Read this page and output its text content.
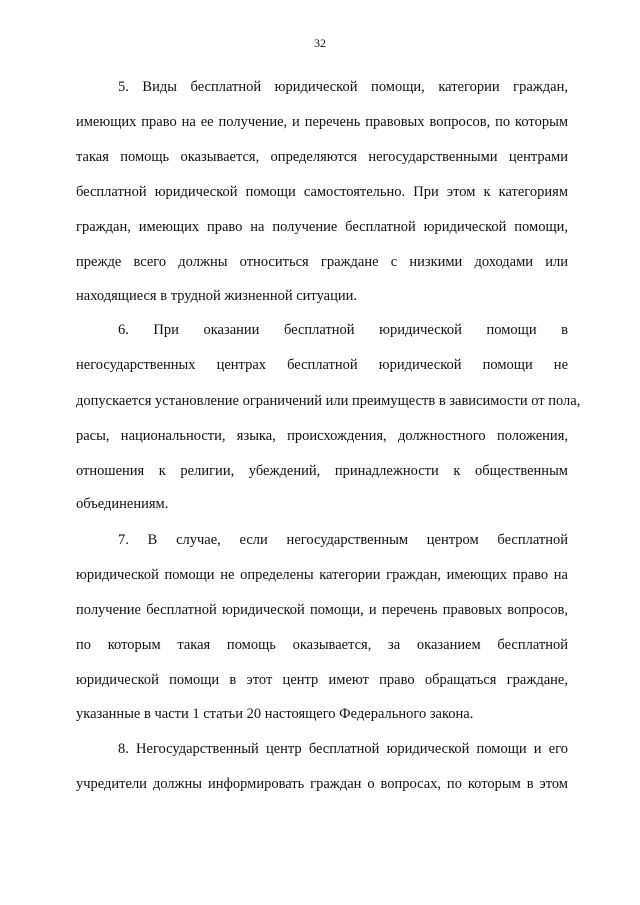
32
5. Виды бесплатной юридической помощи, категории граждан,
имеющих право на ее получение, и перечень правовых вопросов, по которым
такая помощь оказывается, определяются негосударственными центрами
бесплатной юридической помощи самостоятельно. При этом к категориям
граждан, имеющих право на получение бесплатной юридической помощи,
прежде всего должны относиться граждане с низкими доходами или
находящиеся в трудной жизненной ситуации.
6. При оказании бесплатной юридической помощи в
негосударственных центрах бесплатной юридической помощи не
допускается установление ограничений или преимуществ в зависимости от пола,
расы, национальности, языка, происхождения, должностного положения,
отношения к религии, убеждений, принадлежности к общественным
объединениям.
7. В случае, если негосударственным центром бесплатной
юридической помощи не определены категории граждан, имеющих право на
получение бесплатной юридической помощи, и перечень правовых вопросов,
по которым такая помощь оказывается, за оказанием бесплатной
юридической помощи в этот центр имеют право обращаться граждане,
указанные в части 1 статьи 20 настоящего Федерального закона.
8. Негосударственный центр бесплатной юридической помощи и его
учредители должны информировать граждан о вопросах, по которым в этом
